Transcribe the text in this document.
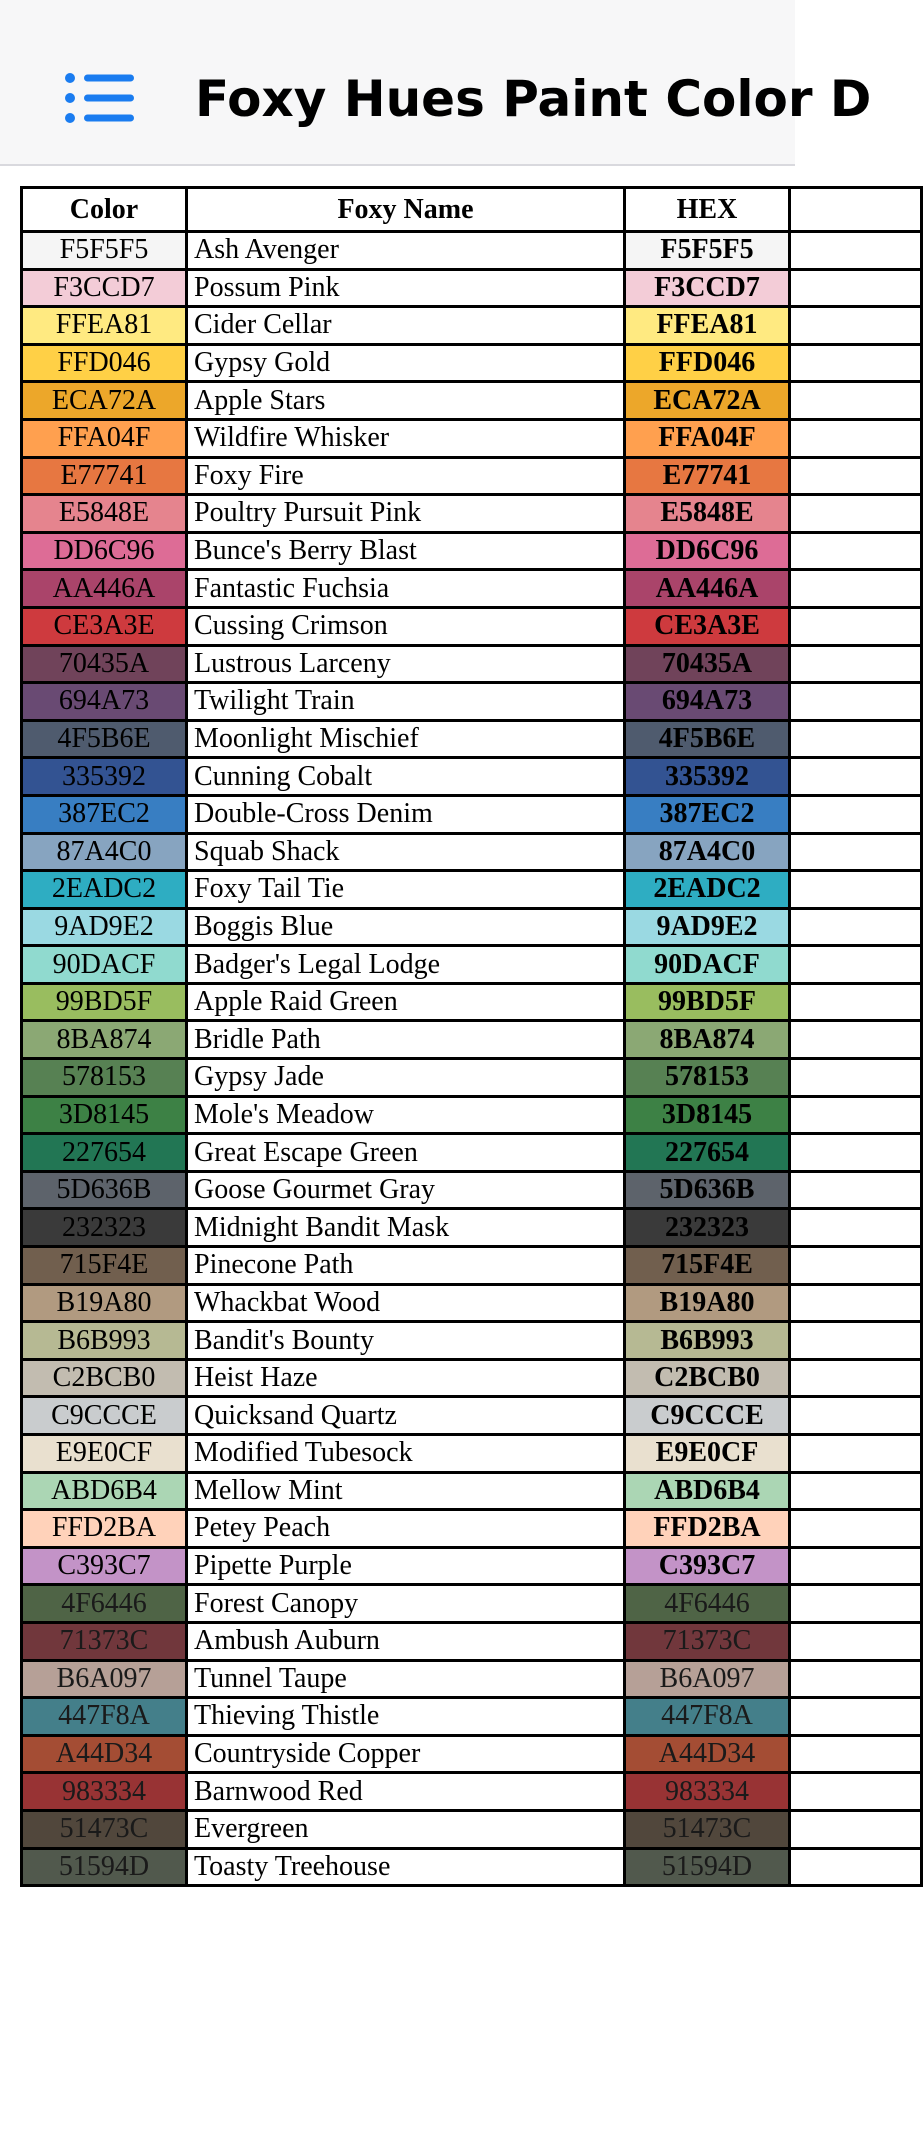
Foxy Hues Paint Color D
Color	Foxy Name	HEX	
F5F5F5	Ash Avenger	F5F5F5	
F3CCD7	Possum Pink	F3CCD7	
FFEA81	Cider Cellar	FFEA81	
FFD046	Gypsy Gold	FFD046	
ECA72A	Apple Stars	ECA72A	
FFA04F	Wildfire Whisker	FFA04F	
E77741	Foxy Fire	E77741	
E5848E	Poultry Pursuit Pink	E5848E	
DD6C96	Bunce's Berry Blast	DD6C96	
AA446A	Fantastic Fuchsia	AA446A	
CE3A3E	Cussing Crimson	CE3A3E	
70435A	Lustrous Larceny	70435A	
694A73	Twilight Train	694A73	
4F5B6E	Moonlight Mischief	4F5B6E	
335392	Cunning Cobalt	335392	
387EC2	Double-Cross Denim	387EC2	
87A4C0	Squab Shack	87A4C0	
2EADC2	Foxy Tail Tie	2EADC2	
9AD9E2	Boggis Blue	9AD9E2	
90DACF	Badger's Legal Lodge	90DACF	
99BD5F	Apple Raid Green	99BD5F	
8BA874	Bridle Path	8BA874	
578153	Gypsy Jade	578153	
3D8145	Mole's Meadow	3D8145	
227654	Great Escape Green	227654	
5D636B	Goose Gourmet Gray	5D636B	
232323	Midnight Bandit Mask	232323	
715F4E	Pinecone Path	715F4E	
B19A80	Whackbat Wood	B19A80	
B6B993	Bandit's Bounty	B6B993	
C2BCB0	Heist Haze	C2BCB0	
C9CCCE	Quicksand Quartz	C9CCCE	
E9E0CF	Modified Tubesock	E9E0CF	
ABD6B4	Mellow Mint	ABD6B4	
FFD2BA	Petey Peach	FFD2BA	
C393C7	Pipette Purple	C393C7	
4F6446	Forest Canopy	4F6446	
71373C	Ambush Auburn	71373C	
B6A097	Tunnel Taupe	B6A097	
447F8A	Thieving Thistle	447F8A	
A44D34	Countryside Copper	A44D34	
983334	Barnwood Red	983334	
51473C	Evergreen	51473C	
51594D	Toasty Treehouse	51594D	
